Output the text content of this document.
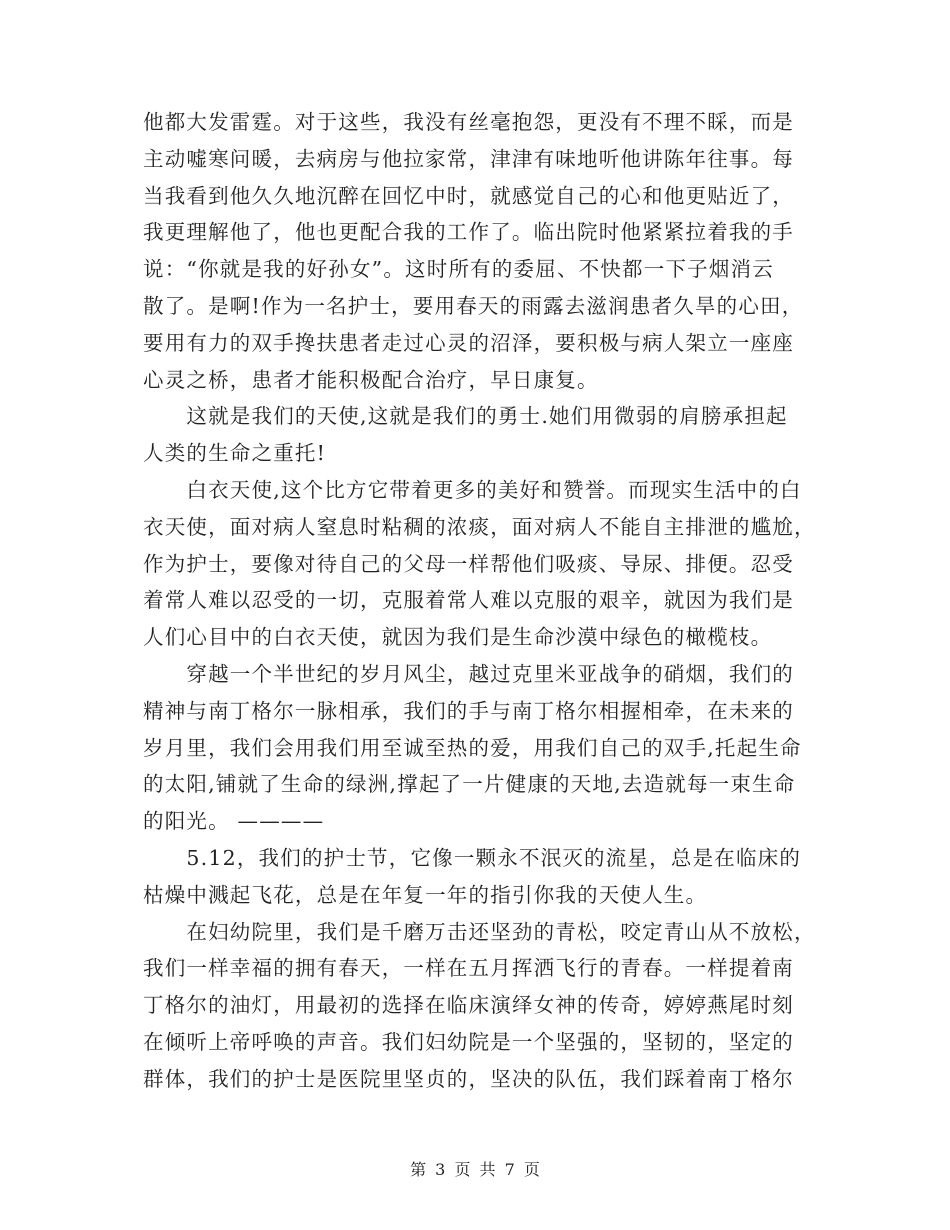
他都大发雷霆。对于这些，我没有丝毫抱怨，更没有不理不睬，而是
主动嘘寒问暖，去病房与他拉家常，津津有味地听他讲陈年往事。每
当我看到他久久地沉醉在回忆中时，就感觉自己的心和他更贴近了，
我更理解他了，他也更配合我的工作了。临出院时他紧紧拉着我的手
说：“你就是我的好孙女”。这时所有的委屈、不快都一下子烟消云
散了。是啊!作为一名护士，要用春天的雨露去滋润患者久旱的心田，
要用有力的双手搀扶患者走过心灵的沼泽，要积极与病人架立一座座
心灵之桥，患者才能积极配合治疗，早日康复。
　　这就是我们的天使,这就是我们的勇士.她们用微弱的肩膀承担起
人类的生命之重托!
　　白衣天使,这个比方它带着更多的美好和赞誉。而现实生活中的白
衣天使，面对病人窒息时粘稠的浓痰，面对病人不能自主排泄的尴尬，
作为护士，要像对待自己的父母一样帮他们吸痰、导尿、排便。忍受
着常人难以忍受的一切，克服着常人难以克服的艰辛，就因为我们是
人们心目中的白衣天使，就因为我们是生命沙漠中绿色的橄榄枝。
　　穿越一个半世纪的岁月风尘，越过克里米亚战争的硝烟，我们的
精神与南丁格尔一脉相承，我们的手与南丁格尔相握相牵，在未来的
岁月里，我们会用我们用至诚至热的爱，用我们自己的双手,托起生命
的太阳,铺就了生命的绿洲,撑起了一片健康的天地,去造就每一束生命
的阳光。 ————
　　5.12，我们的护士节，它像一颗永不泯灭的流星，总是在临床的
枯燥中溅起飞花，总是在年复一年的指引你我的天使人生。
　　在妇幼院里，我们是千磨万击还坚劲的青松，咬定青山从不放松，
我们一样幸福的拥有春天，一样在五月挥洒飞行的青春。一样提着南
丁格尔的油灯，用最初的选择在临床演绎女神的传奇，婷婷燕尾时刻
在倾听上帝呼唤的声音。我们妇幼院是一个坚强的，坚韧的，坚定的
群体，我们的护士是医院里坚贞的，坚决的队伍，我们踩着南丁格尔
第 3 页 共 7 页
